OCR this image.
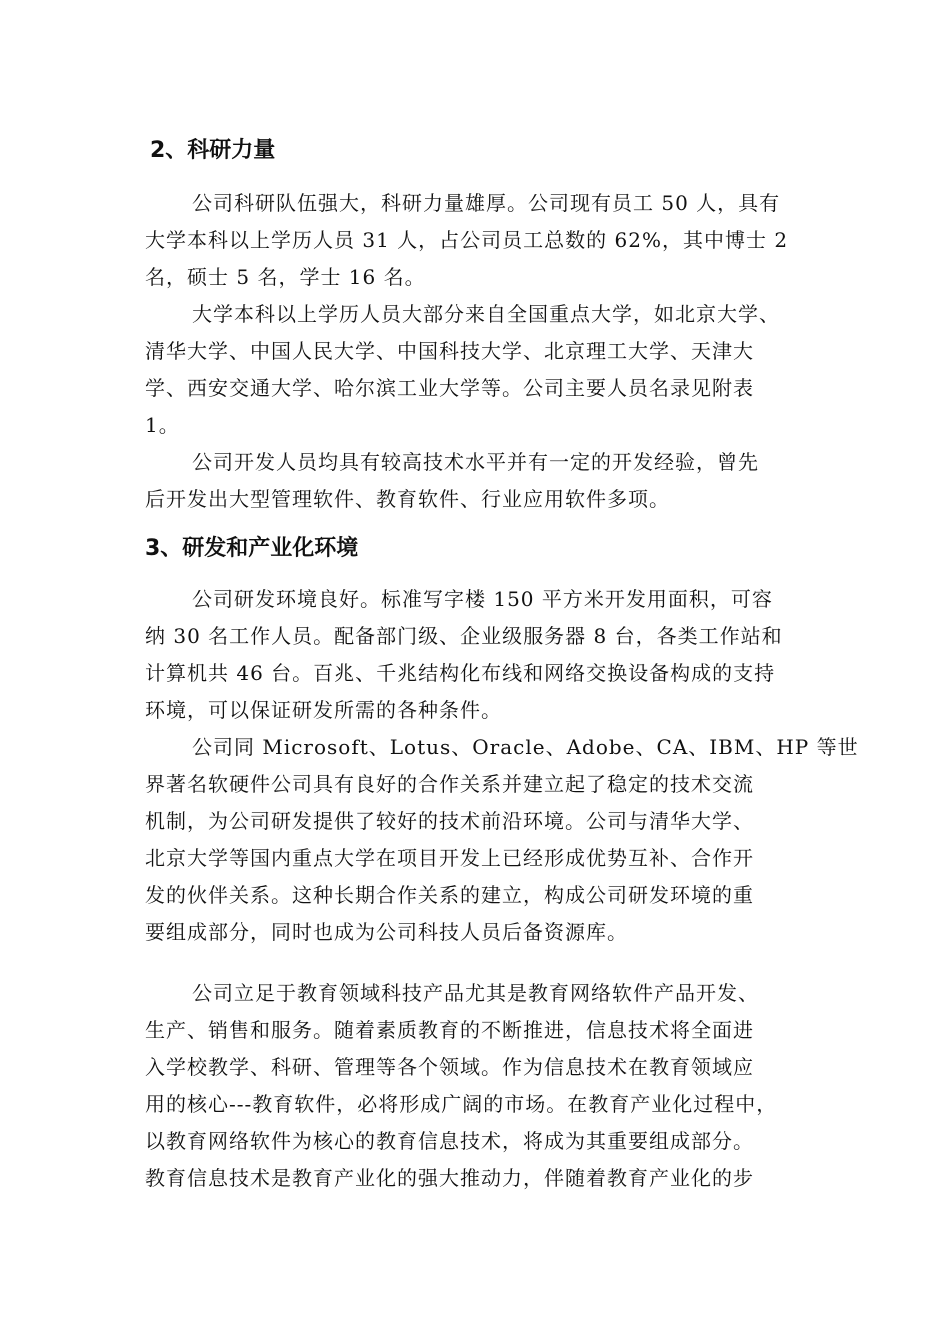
2、科研力量
公司科研队伍强大，科研力量雄厚。公司现有员工 50 人，具有
大学本科以上学历人员 31 人，占公司员工总数的 62%，其中博士 2
名，硕士 5 名，学士 16 名。
大学本科以上学历人员大部分来自全国重点大学，如北京大学、
清华大学、中国人民大学、中国科技大学、北京理工大学、天津大
学、西安交通大学、哈尔滨工业大学等。公司主要人员名录见附表
1。
公司开发人员均具有较高技术水平并有一定的开发经验，曾先
后开发出大型管理软件、教育软件、行业应用软件多项。
3、研发和产业化环境
公司研发环境良好。标准写字楼 150 平方米开发用面积，可容
纳 30 名工作人员。配备部门级、企业级服务器 8 台，各类工作站和
计算机共 46 台。百兆、千兆结构化布线和网络交换设备构成的支持
环境，可以保证研发所需的各种条件。
公司同 Microsoft、Lotus、Oracle、Adobe、CA、IBM、HP 等世
界著名软硬件公司具有良好的合作关系并建立起了稳定的技术交流
机制，为公司研发提供了较好的技术前沿环境。公司与清华大学、
北京大学等国内重点大学在项目开发上已经形成优势互补、合作开
发的伙伴关系。这种长期合作关系的建立，构成公司研发环境的重
要组成部分，同时也成为公司科技人员后备资源库。
公司立足于教育领域科技产品尤其是教育网络软件产品开发、
生产、销售和服务。随着素质教育的不断推进，信息技术将全面进
入学校教学、科研、管理等各个领域。作为信息技术在教育领域应
用的核心---教育软件，必将形成广阔的市场。在教育产业化过程中，
以教育网络软件为核心的教育信息技术，将成为其重要组成部分。
教育信息技术是教育产业化的强大推动力，伴随着教育产业化的步
